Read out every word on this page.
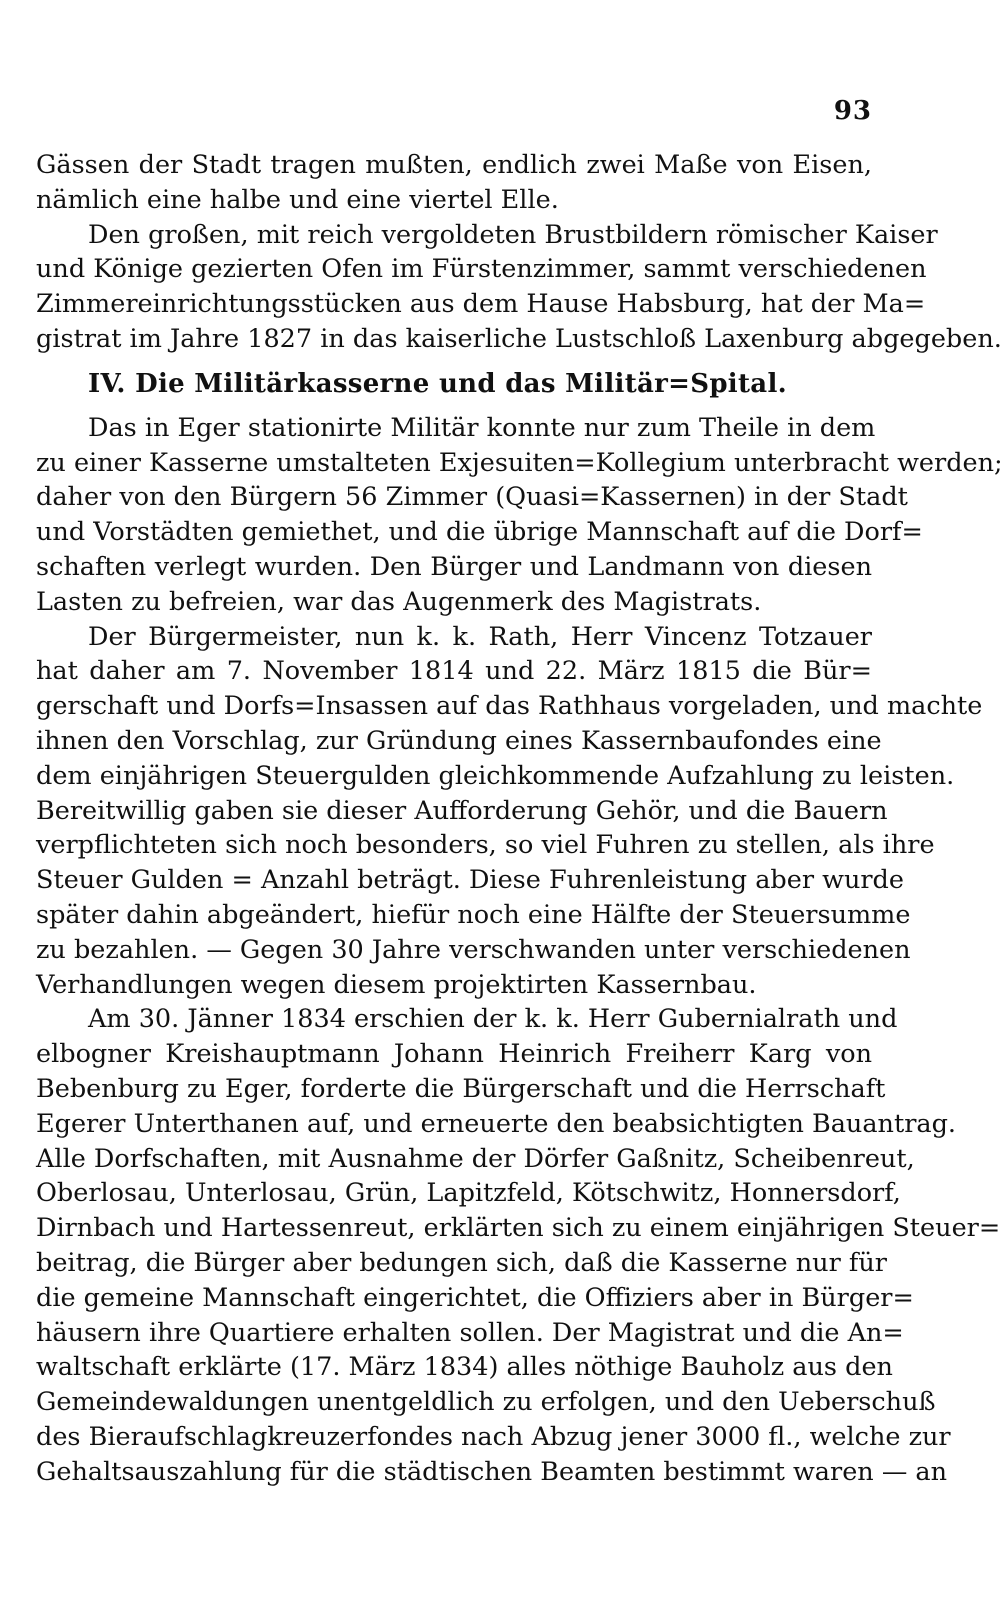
93
Gässen der Stadt tragen mußten, endlich zwei Maße von Eisen,
nämlich eine halbe und eine viertel Elle.
Den großen, mit reich vergoldeten Brustbildern römischer Kaiser
und Könige gezierten Ofen im Fürstenzimmer, sammt verschiedenen
Zimmereinrichtungsstücken aus dem Hause Habsburg, hat der Ma=
gistrat im Jahre 1827 in das kaiserliche Lustschloß Laxenburg abgegeben.
IV. Die Militärkasserne und das Militär=Spital.
Das in Eger stationirte Militär konnte nur zum Theile in dem
zu einer Kasserne umstalteten Exjesuiten=Kollegium unterbracht werden;
daher von den Bürgern 56 Zimmer (Quasi=Kassernen) in der Stadt
und Vorstädten gemiethet, und die übrige Mannschaft auf die Dorf=
schaften verlegt wurden. Den Bürger und Landmann von diesen
Lasten zu befreien, war das Augenmerk des Magistrats.
Der Bürgermeister, nun k. k. Rath, Herr Vincenz Totzauer
hat daher am 7. November 1814 und 22. März 1815 die Bür=
gerschaft und Dorfs=Insassen auf das Rathhaus vorgeladen, und machte
ihnen den Vorschlag, zur Gründung eines Kassernbaufondes eine
dem einjährigen Steuergulden gleichkommende Aufzahlung zu leisten.
Bereitwillig gaben sie dieser Aufforderung Gehör, und die Bauern
verpflichteten sich noch besonders, so viel Fuhren zu stellen, als ihre
Steuer Gulden = Anzahl beträgt. Diese Fuhrenleistung aber wurde
später dahin abgeändert, hiefür noch eine Hälfte der Steuersumme
zu bezahlen. — Gegen 30 Jahre verschwanden unter verschiedenen
Verhandlungen wegen diesem projektirten Kassernbau.
Am 30. Jänner 1834 erschien der k. k. Herr Gubernialrath und
elbogner Kreishauptmann Johann Heinrich Freiherr Karg von
Bebenburg zu Eger, forderte die Bürgerschaft und die Herrschaft
Egerer Unterthanen auf, und erneuerte den beabsichtigten Bauantrag.
Alle Dorfschaften, mit Ausnahme der Dörfer Gaßnitz, Scheibenreut,
Oberlosau, Unterlosau, Grün, Lapitzfeld, Kötschwitz, Honnersdorf,
Dirnbach und Hartessenreut, erklärten sich zu einem einjährigen Steuer=
beitrag, die Bürger aber bedungen sich, daß die Kasserne nur für
die gemeine Mannschaft eingerichtet, die Offiziers aber in Bürger=
häusern ihre Quartiere erhalten sollen. Der Magistrat und die An=
waltschaft erklärte (17. März 1834) alles nöthige Bauholz aus den
Gemeindewaldungen unentgeldlich zu erfolgen, und den Ueberschuß
des Bieraufschlagkreuzerfondes nach Abzug jener 3000 fl., welche zur
Gehaltsauszahlung für die städtischen Beamten bestimmt waren — an
